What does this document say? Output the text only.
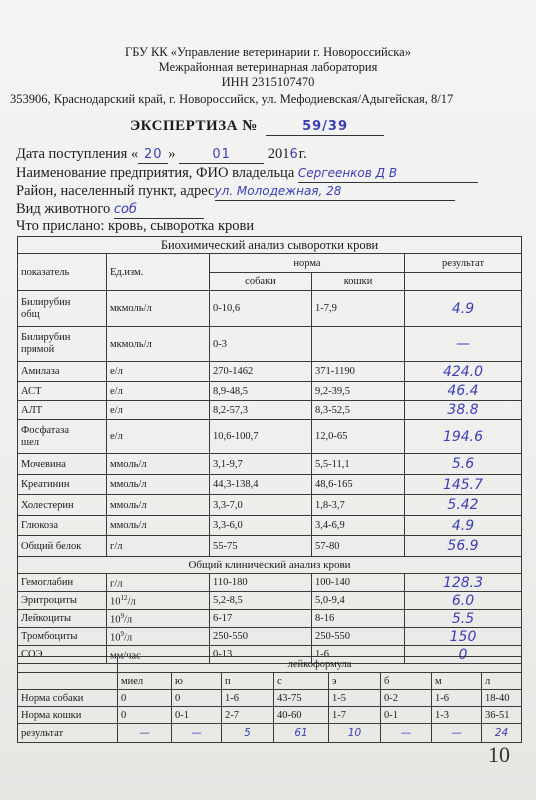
ГБУ КК «Управление ветеринарии г. Новороссийска»
Межрайонная ветеринарная лаборатория
ИНН 2315107470
353906, Краснодарский край, г. Новороссийск, ул. Мефодиевская/Адыгейская, 8/17
ЭКСПЕРТИЗА №	59/39
Дата поступления « 20 »	01	2016г.
Наименование предприятия, ФИО владельца Сергеенков Д В
Район, населенный пункт, адресул. Молодежная, 28
Вид животного соб
Что прислано: кровь, сыворотка крови
Биохимический анализ сыворотки крови				
показатель	Ед.изм.	норма		результат
		собаки	кошки	
Билирубин
общ	мкмоль/л	0-10,6	1-7,9	4.9
Билирубин
прямой	мкмоль/л	0-3		—
Амилаза	е/л	270-1462	371-1190	424.0
АСТ	е/л	8,9-48,5	9,2-39,5	46.4
АЛТ	е/л	8,2-57,3	8,3-52,5	38.8
Фосфатаза
шел	е/л	10,6-100,7	12,0-65	194.6
Мочевина	ммоль/л	3,1-9,7	5,5-11,1	5.6
Креатинин	ммоль/л	44,3-138,4	48,6-165	145.7
Холестерин	ммоль/л	3,3-7,0	1,8-3,7	5.42
Глюкоза	ммоль/л	3,3-6,0	3,4-6,9	4.9
Общий белок	г/л	55-75	57-80	56.9
Общий клинический анализ крови				
Гемоглабин	г/л	110-180	100-140	128.3
Эритроциты	$10^{12}/л$	5,2-8,5	5,0-9,4	6.0
Лейкоциты	$10^9/л$	6-17	8-16	5.5
Тромбоциты	$10^9/л$	250-550	250-550	150
СОЭ	мм/час	0-13	1-6	0
	лейкоформула							
	миел	ю	п	с	э	б	м	л
Норма собаки	0	0	1-6	43-75	1-5	0-2	1-6	18-40
Норма кошки	0	0-1	2-7	40-60	1-7	0-1	1-3	36-51
результат	—	—	5	61	10	—	—	24
10
